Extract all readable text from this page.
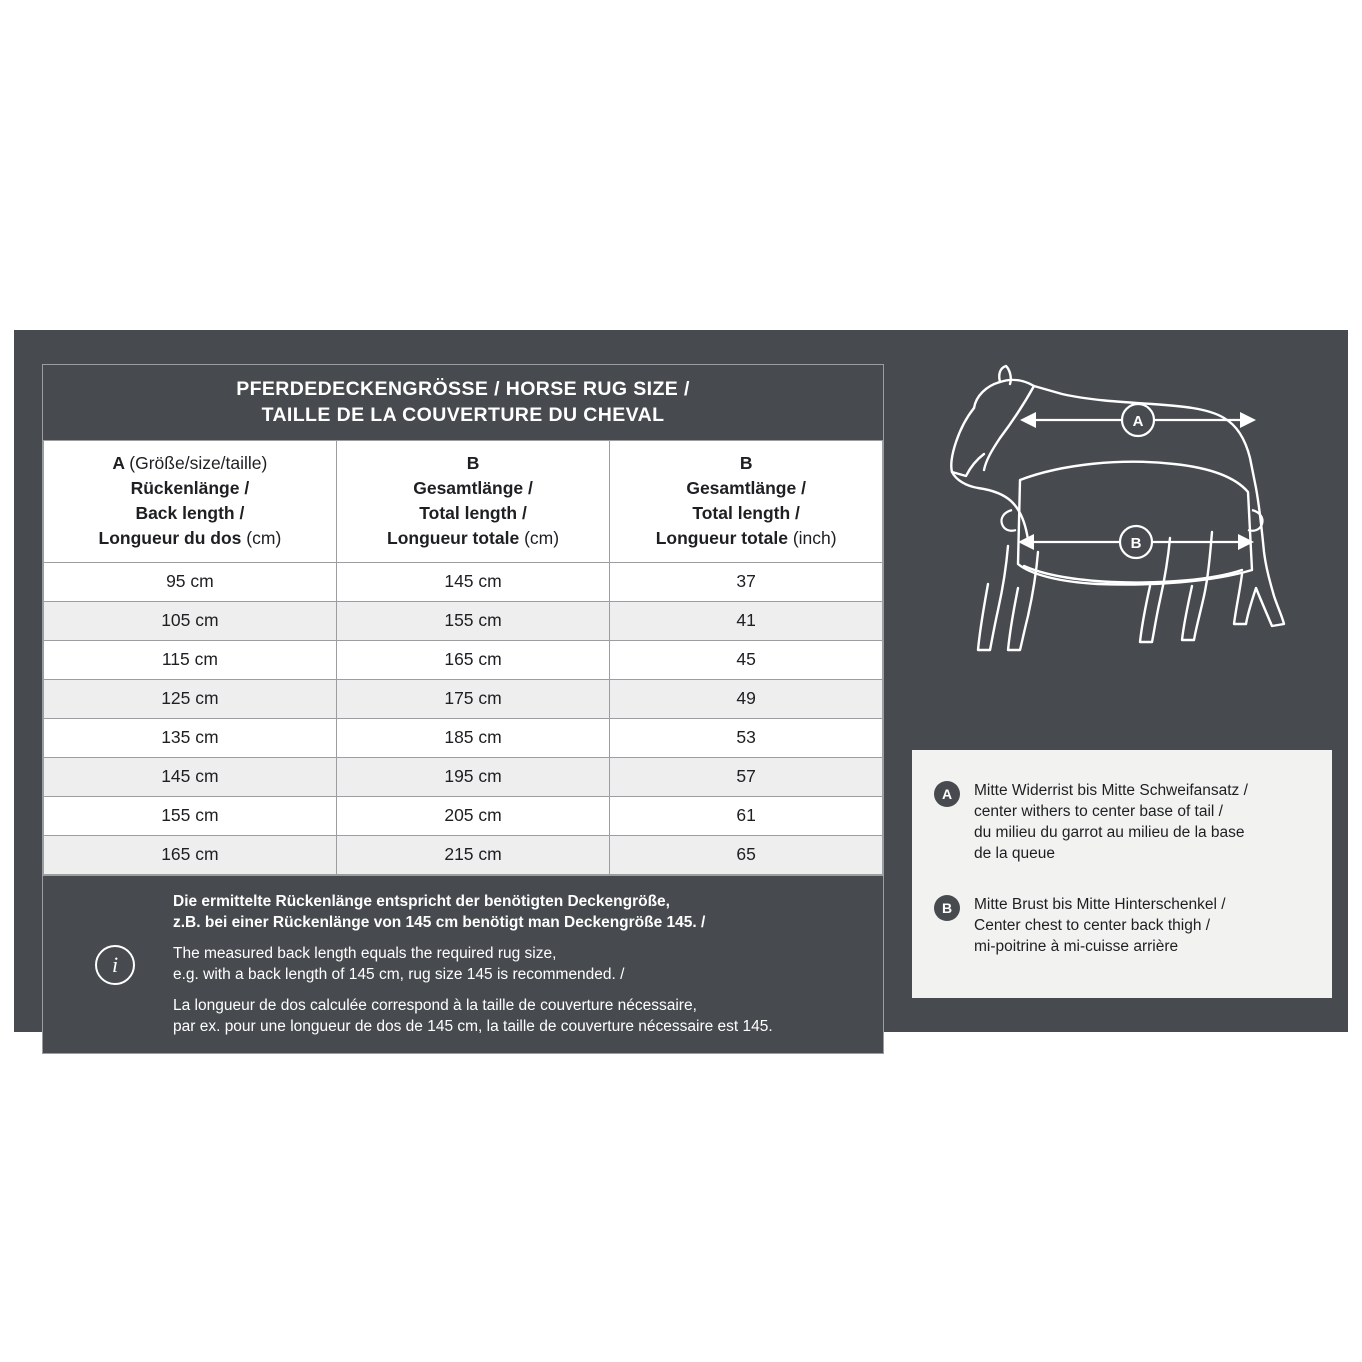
PFERDEDECKENGRÖSSE / HORSE RUG SIZE /
TAILLE DE LA COUVERTURE DU CHEVAL
A (Größe/size/taille)
Rückenlänge /
Back length /
Longueur du dos (cm)

B
Gesamtlänge /
Total length /
Longueur totale (cm)

B
Gesamtlänge /
Total length /
Longueur totale (inch)

95 cm	145 cm	37
105 cm	155 cm	41
115 cm	165 cm	45
125 cm	175 cm	49
135 cm	185 cm	53
145 cm	195 cm	57
155 cm	205 cm	61
165 cm	215 cm	65
i

Die ermittelte Rückenlänge entspricht der benötigten Deckengröße,
z.B. bei einer Rückenlänge von 145 cm benötigt man Deckengröße 145. /

The measured back length equals the required rug size,
e.g. with a back length of 145 cm, rug size 145 is recommended. /

La longueur de dos calculée correspond à la taille de couverture nécessaire,
par ex. pour une longueur de dos de 145 cm, la taille de couverture nécessaire est 145.

A
B
A	Mitte Widerrist bis Mitte Schweifansatz /
center withers to center base of tail /
du milieu du garrot au milieu de la base
de la queue
B	Mitte Brust bis Mitte Hinterschenkel /
Center chest to center back thigh /
mi-poitrine à mi-cuisse arrière
